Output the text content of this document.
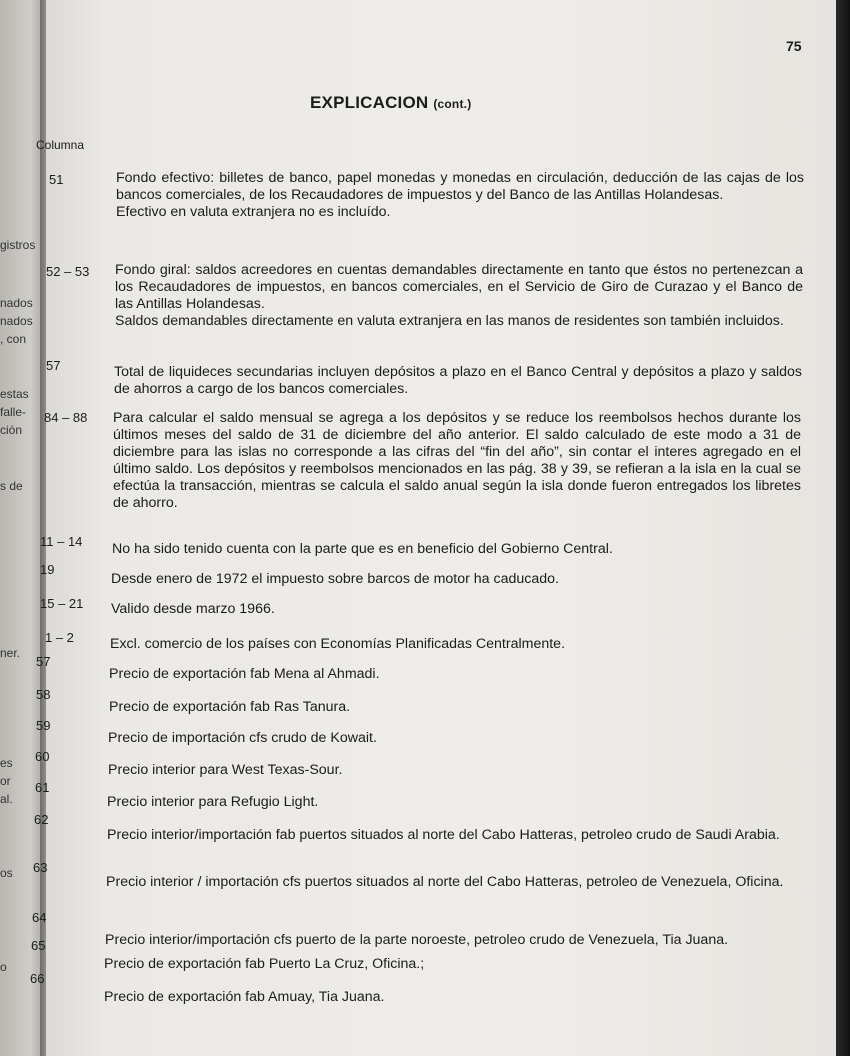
gistros
nados
nados
, con
estas
falle-
ción
s de
ner.
es
or
al.
os
o
75
EXPLICACION (cont.)
Columna
51	Fondo efectivo: billetes de banco, papel monedas y monedas en circulación, deducción de las cajas de los bancos comerciales, de los Recaudadores de impuestos y del Banco de las Antillas Holandesas.

Efectivo en valuta extranjera no es incluído.

52 – 53 Fondo giral: saldos acreedores en cuentas demandables directamente en tanto que éstos no pertenezcan a los Recaudadores de impuestos, en bancos comerciales, en el Servicio de Giro de Curazao y el Banco de las Antillas Holandesas.

Saldos demandables directamente en valuta extranjera en las manos de residentes son también incluidos.

57	Total de liquideces secundarias incluyen depósitos a plazo en el Banco Central y depósitos a plazo y saldos de ahorros a cargo de los bancos comerciales.

84 – 88 Para calcular el saldo mensual se agrega a los depósitos y se reduce los reembolsos hechos durante los últimos meses del saldo de 31 de diciembre del año anterior. El saldo calculado de este modo a 31 de diciembre para las islas no corresponde a las cifras del “fin del año”, sin contar el interes agregado en el último saldo. Los depósitos y reembolsos mencionados en las pág. 38 y 39, se refieran a la isla en la cual se efectúa la transacción, mientras se calcula el saldo anual según la isla donde fueron entregados los libretes de ahorro.

11 – 14 No ha sido tenido cuenta con la parte que es en beneficio del Gobierno Central.
19
Desde enero de 1972 el impuesto sobre barcos de motor ha caducado.
15 – 21 Valido desde marzo 1966.
1 – 2	Excl. comercio de los países con Economías Planificadas Centralmente.
57
Precio de exportación fab Mena al Ahmadi.
58
Precio de exportación fab Ras Tanura.
59
Precio de importación cfs crudo de Kowait.
60
Precio interior para West Texas-Sour.
61
Precio interior para Refugio Light.
62

Precio interior/importación fab puertos situados al norte del Cabo Hatteras, petroleo crudo de Saudi Arabia.

63

Precio interior / importación cfs puertos situados al norte del Cabo Hatteras, petroleo de Venezuela, Oficina.

64
Precio interior/importación cfs puerto de la parte noroeste, petroleo crudo de Venezuela, Tia Juana.
65
Precio de exportación fab Puerto La Cruz, Oficina.;
66
Precio de exportación fab Amuay, Tia Juana.
